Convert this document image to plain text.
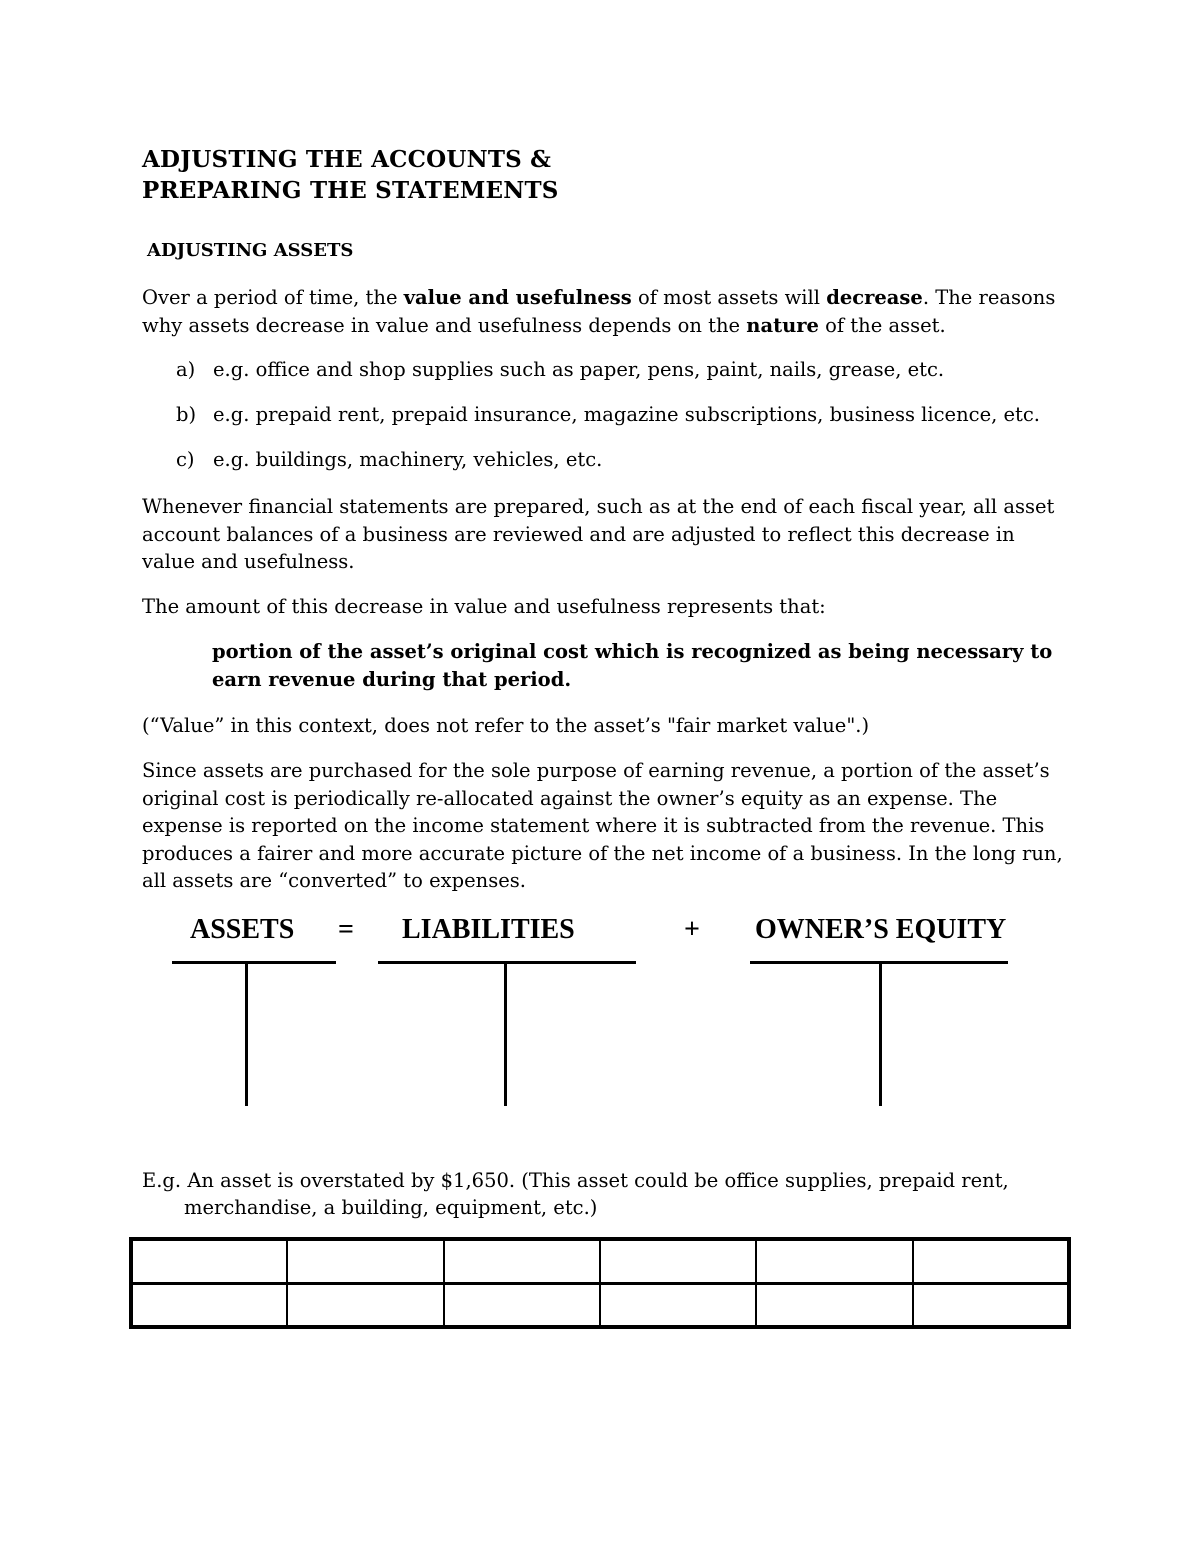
ADJUSTING THE ACCOUNTS &
PREPARING THE STATEMENTS
ADJUSTING ASSETS
Over a period of time, the value and usefulness of most assets will decrease. The reasons why assets decrease in value and usefulness depends on the nature of the asset.
a) e.g. office and shop supplies such as paper, pens, paint, nails, grease, etc.
b) e.g. prepaid rent, prepaid insurance, magazine subscriptions, business licence, etc.
c) e.g. buildings, machinery, vehicles, etc.
Whenever financial statements are prepared, such as at the end of each fiscal year, all asset account balances of a business are reviewed and are adjusted to reflect this decrease in value and usefulness.
The amount of this decrease in value and usefulness represents that:
portion of the asset’s original cost which is recognized as being necessary to earn revenue during that period.
(“Value” in this context, does not refer to the asset’s "fair market value".)
Since assets are purchased for the sole purpose of earning revenue, a portion of the asset’s original cost is periodically re-allocated against the owner’s equity as an expense. The expense is reported on the income statement where it is subtracted from the revenue. This produces a fairer and more accurate picture of the net income of a business. In the long run, all assets are “converted” to expenses.
ASSETS = LIABILITIES	+ OWNER’S EQUITY
E.g. An asset is overstated by $1,650. (This asset could be office supplies, prepaid rent,
merchandise, a building, equipment, etc.)
